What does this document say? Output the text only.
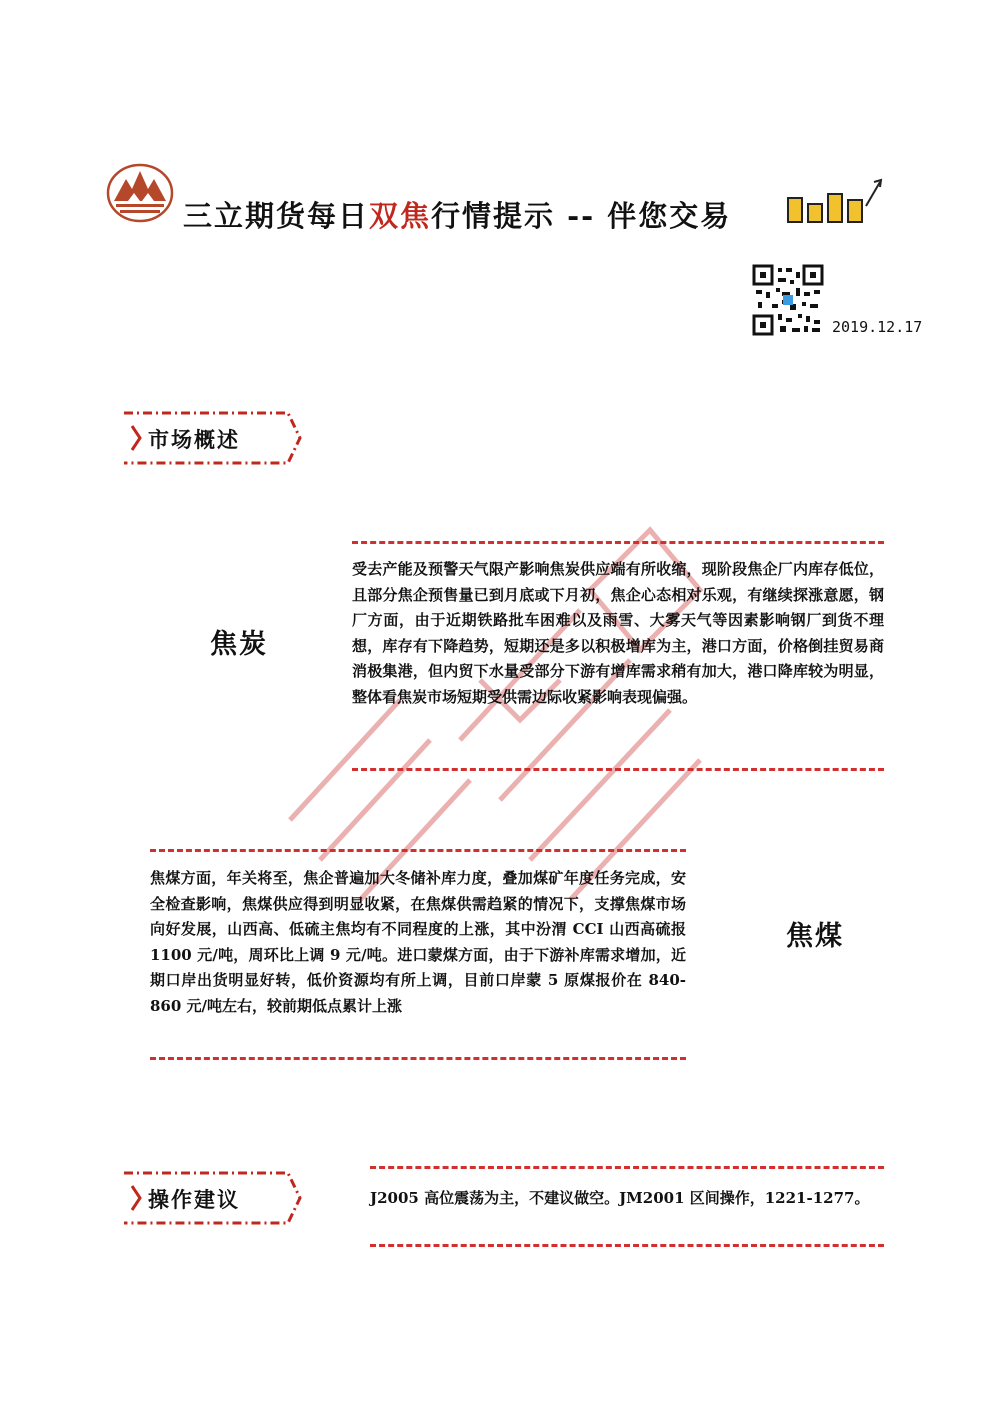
三立期货每日双焦行情提示 -- 伴您交易
2019.12.17
市场概述
受去产能及预警天气限产影响焦炭供应端有所收缩，现阶段焦企厂内库存低位，且部分焦企预售量已到月底或下月初，焦企心态相对乐观，有继续探涨意愿，钢厂方面，由于近期铁路批车困难以及雨雪、大雾天气等因素影响钢厂到货不理想，库存有下降趋势，短期还是多以积极增库为主，港口方面，价格倒挂贸易商消极集港，但内贸下水量受部分下游有增库需求稍有加大，港口降库较为明显，整体看焦炭市场短期受供需边际收紧影响表现偏强。
焦炭
焦煤方面，年关将至，焦企普遍加大冬储补库力度，叠加煤矿年度任务完成，安全检查影响，焦煤供应得到明显收紧，在焦煤供需趋紧的情况下，支撑焦煤市场向好发展，山西高、低硫主焦均有不同程度的上涨，其中汾渭 CCI 山西高硫报 1100 元/吨，周环比上调 9 元/吨。进口蒙煤方面，由于下游补库需求增加，近期口岸出货明显好转，低价资源均有所上调，目前口岸蒙 5 原煤报价在 840-860 元/吨左右，较前期低点累计上涨
焦煤
操作建议	J2005 高位震荡为主，不建议做空。JM2001 区间操作，1221-1277。
